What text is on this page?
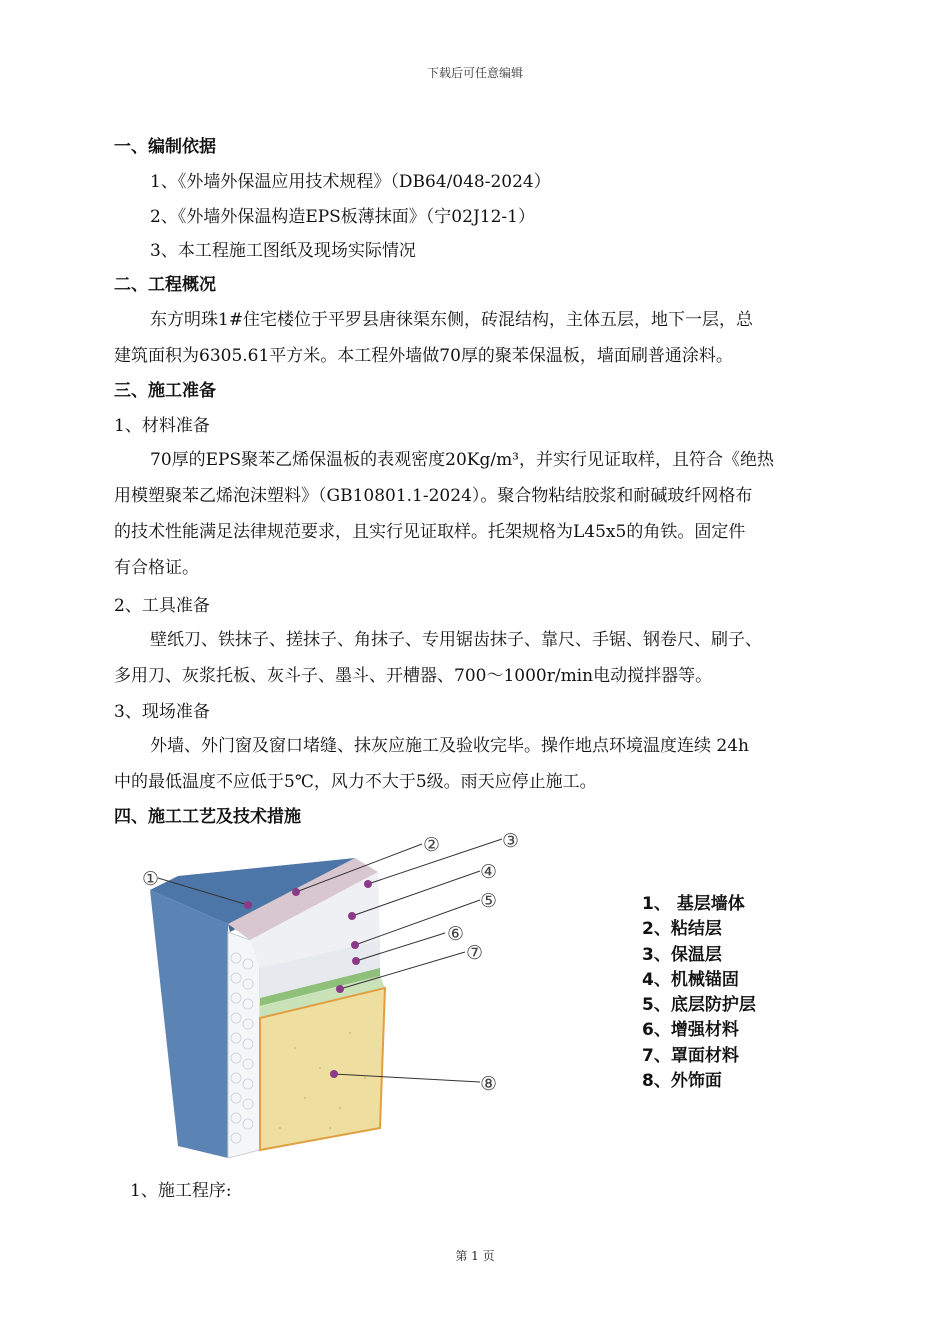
下载后可任意编辑
一、编制依据
1、《外墙外保温应用技术规程》（DB64/048-2024）
2、《外墙外保温构造EPS板薄抹面》（宁02J12-1）
3、本工程施工图纸及现场实际情况
二、工程概况
东方明珠1#住宅楼位于平罗县唐徕渠东侧，砖混结构，主体五层，地下一层，总
建筑面积为6305.61平方米。本工程外墙做70厚的聚苯保温板，墙面刷普通涂料。
三、施工准备
1、材料准备
70厚的EPS聚苯乙烯保温板的表观密度20Kg/m³，并实行见证取样，且符合《绝热
用模塑聚苯乙烯泡沫塑料》（GB10801.1-2024）。聚合物粘结胶浆和耐碱玻纤网格布
的技术性能满足法律规范要求，且实行见证取样。托架规格为L45x5的角铁。固定件
有合格证。
2、工具准备
壁纸刀、铁抹子、搓抹子、角抹子、专用锯齿抹子、靠尺、手锯、钢卷尺、刷子、
多用刀、灰浆托板、灰斗子、墨斗、开槽器、700～1000r/min电动搅拌器等。
3、现场准备
外墙、外门窗及窗口堵缝、抹灰应施工及验收完毕。操作地点环境温度连续 24h
中的最低温度不应低于5℃，风力不大于5级。雨天应停止施工。
四、施工工艺及技术措施
①
②	③
④
⑤
⑥
⑦
⑧
1、 基层墙体
2、粘结层
3、保温层
4、机械锚固
5、底层防护层
6、增强材料
7、罩面材料
8、外饰面
1、施工程序:
第 1 页
